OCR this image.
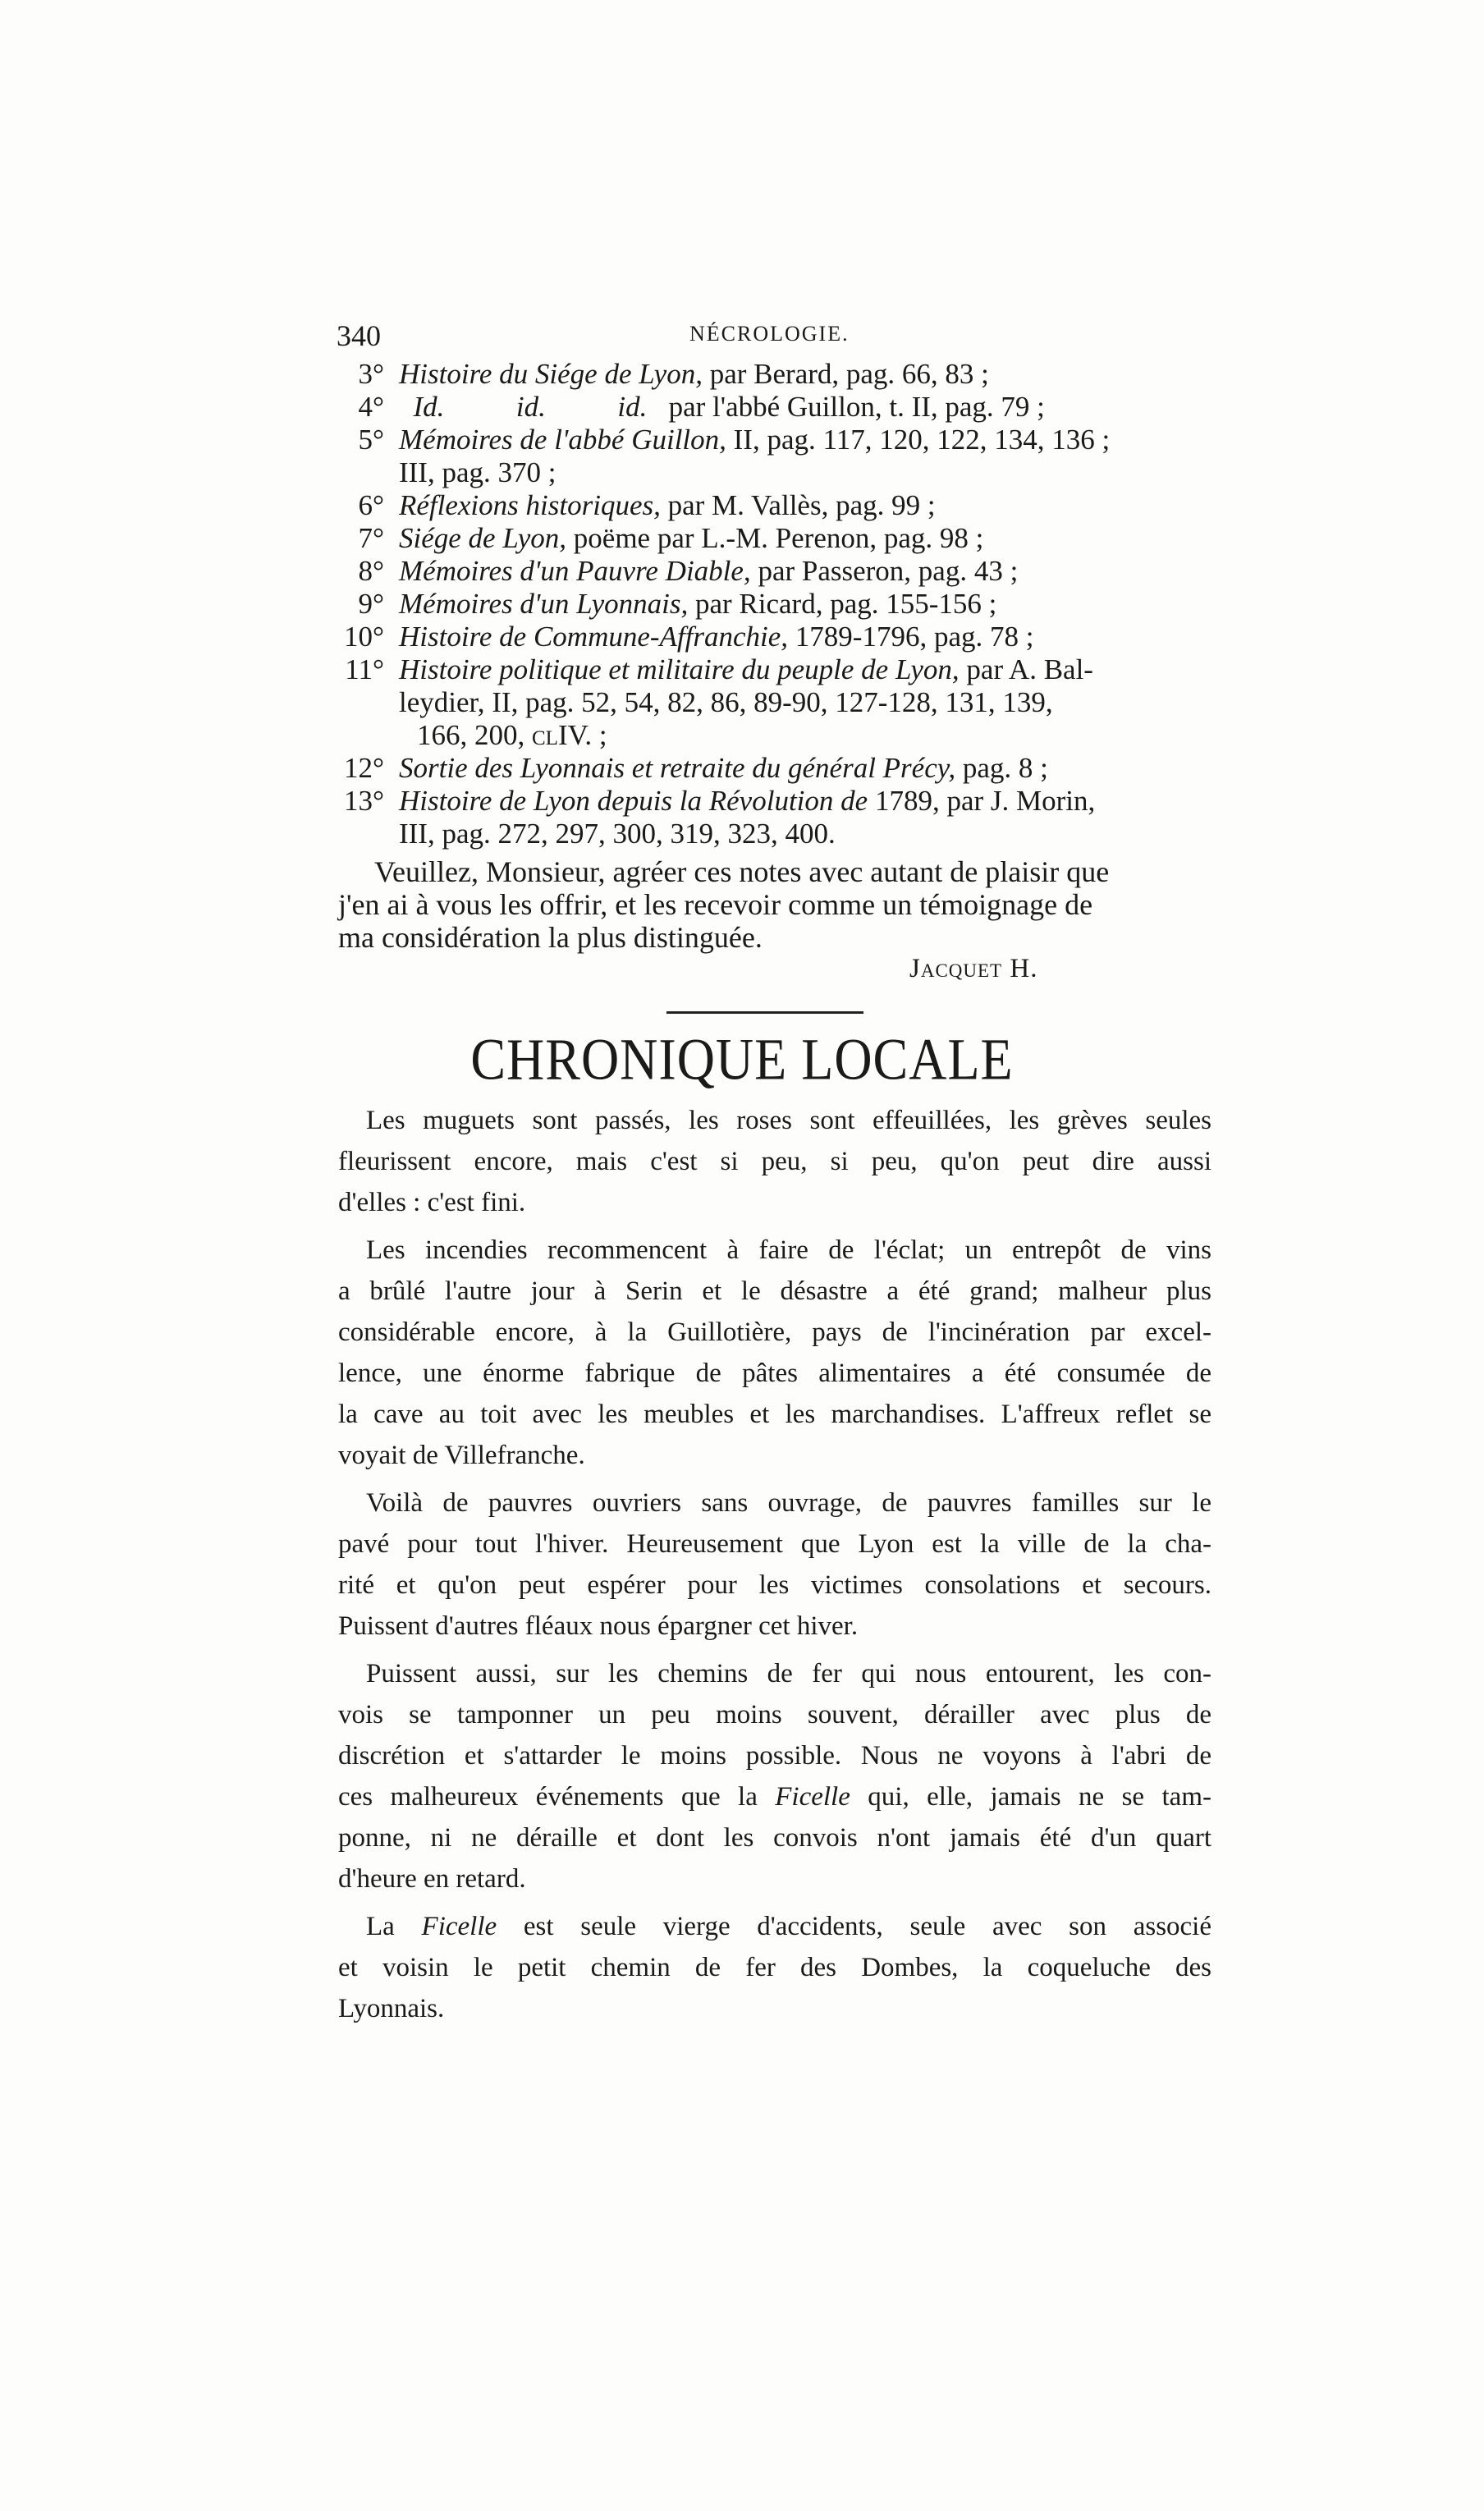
340	NÉCROLOGIE.
3° Histoire du Siége de Lyon, par Berard, pag. 66, 83 ;
4° Id.          id.          id.   par l'abbé Guillon, t. II, pag. 79 ;
5° Mémoires de l'abbé Guillon, II, pag. 117, 120, 122, 134, 136 ;
III, pag. 370 ;
6° Réflexions historiques, par M. Vallès, pag. 99 ;
7° Siége de Lyon, poëme par L.-M. Perenon, pag. 98 ;
8° Mémoires d'un Pauvre Diable, par Passeron, pag. 43 ;
9° Mémoires d'un Lyonnais, par Ricard, pag. 155-156 ;
10° Histoire de Commune-Affranchie, 1789-1796, pag. 78 ;
11° Histoire politique et militaire du peuple de Lyon, par A. Bal-
leydier, II, pag. 52, 54, 82, 86, 89-90, 127-128, 131, 139,
166, 200, clIV. ;
12° Sortie des Lyonnais et retraite du général Précy, pag. 8 ;
13° Histoire de Lyon depuis la Révolution de 1789, par J. Morin,
III, pag. 272, 297, 300, 319, 323, 400.
Veuillez, Monsieur, agréer ces notes avec autant de plaisir que
j'en ai à vous les offrir, et les recevoir comme un témoignage de
ma considération la plus distinguée.
Jacquet H.
CHRONIQUE LOCALE

Les muguets sont passés, les roses sont effeuillées, les grèves seules
fleurissent encore, mais c'est si peu, si peu, qu'on peut dire aussi
d'elles : c'est fini.

Les incendies recommencent à faire de l'éclat; un entrepôt de vins
a brûlé l'autre jour à Serin et le désastre a été grand; malheur plus
considérable encore, à la Guillotière, pays de l'incinération par excel-
lence, une énorme fabrique de pâtes alimentaires a été consumée de
la cave au toit avec les meubles et les marchandises. L'affreux reflet se
voyait de Villefranche.

Voilà de pauvres ouvriers sans ouvrage, de pauvres familles sur le
pavé pour tout l'hiver. Heureusement que Lyon est la ville de la cha-
rité et qu'on peut espérer pour les victimes consolations et secours.
Puissent d'autres fléaux nous épargner cet hiver.

Puissent aussi, sur les chemins de fer qui nous entourent, les con-
vois se tamponner un peu moins souvent, dérailler avec plus de
discrétion et s'attarder le moins possible. Nous ne voyons à l'abri de
ces malheureux événements que la Ficelle qui, elle, jamais ne se tam-
ponne, ni ne déraille et dont les convois n'ont jamais été d'un quart
d'heure en retard.

La Ficelle est seule vierge d'accidents, seule avec son associé
et voisin le petit chemin de fer des Dombes, la coqueluche des
Lyonnais.
